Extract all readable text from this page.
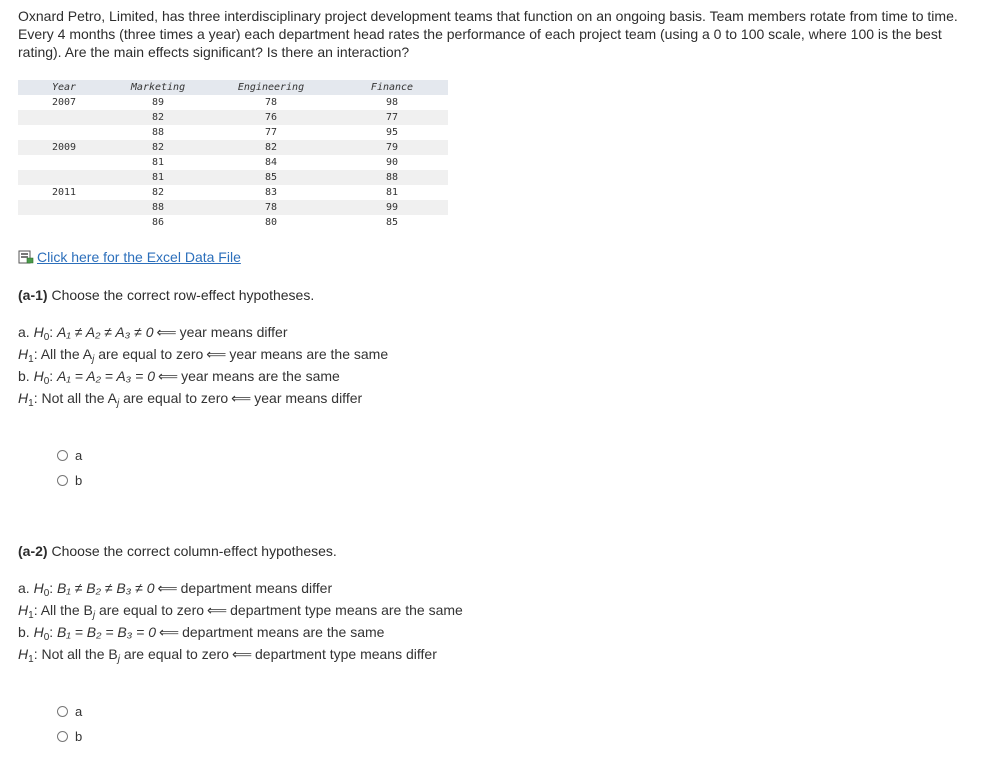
Oxnard Petro, Limited, has three interdisciplinary project development teams that function on an ongoing basis. Team members rotate from time to time. Every 4 months (three times a year) each department head rates the performance of each project team (using a 0 to 100 scale, where 100 is the best rating). Are the main effects significant? Is there an interaction?
Year	Marketing	Engineering	Finance
2007	89	78	98
	82	76	77
	88	77	95
2009	82	82	79
	81	84	90
	81	85	88
2011	82	83	81
	88	78	99
	86	80	85
Click here for the Excel Data File
(a-1) Choose the correct row-effect hypotheses.
a. $H_0$: A₁ ≠ A₂ ≠ A₃ ≠ 0 ⟸ year means differ
$H_1$: All the $A_j$ are equal to zero ⟸ year means are the same
b. $H_0$: A₁ = A₂ = A₃ = 0 ⟸ year means are the same
$H_1$: Not all the $A_j$ are equal to zero ⟸ year means differ
a
b
(a-2) Choose the correct column-effect hypotheses.
a. $H_0$: B₁ ≠ B₂ ≠ B₃ ≠ 0 ⟸ department means differ
$H_1$: All the $B_j$ are equal to zero ⟸ department type means are the same
b. $H_0$: B₁ = B₂ = B₃ = 0 ⟸ department means are the same
$H_1$: Not all the $B_j$ are equal to zero ⟸ department type means differ
a
b
